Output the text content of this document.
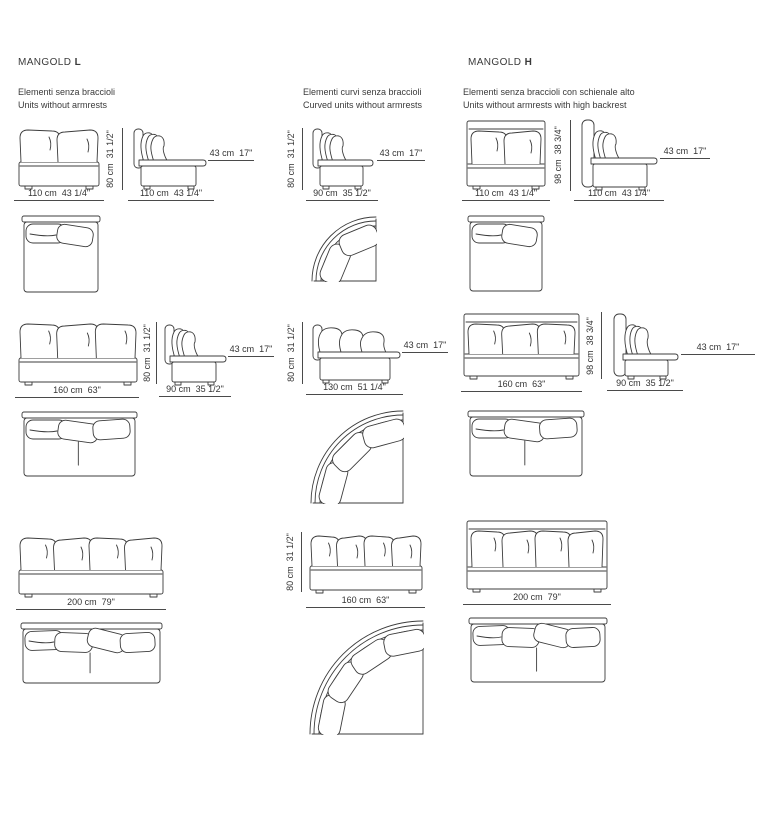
MANGOLD L
Elementi senza braccioli
Units without armrests
Elementi curvi senza braccioli
Curved units without armrests
MANGOLD H
Elementi senza braccioli con schienale alto
Units without armrests with high backrest
110 cm  43 1/4"
80 cm  31 1/2"	43 cm  17"
110 cm  43 1/4"
160 cm  63"
80 cm  31 1/2"	43 cm  17"
90 cm  35 1/2"
200 cm  79"
80 cm  31 1/2"	43 cm  17"
90 cm  35 1/2"
80 cm  31 1/2"	43 cm  17"
130 cm  51 1/4"
80 cm  31 1/2"
160 cm  63"
110 cm  43 1/4"
98 cm  38 3/4"	43 cm  17"
110 cm  43 1/4"
160 cm  63"
98 cm  38 3/4"	43 cm  17"
90 cm  35 1/2"
200 cm  79"
